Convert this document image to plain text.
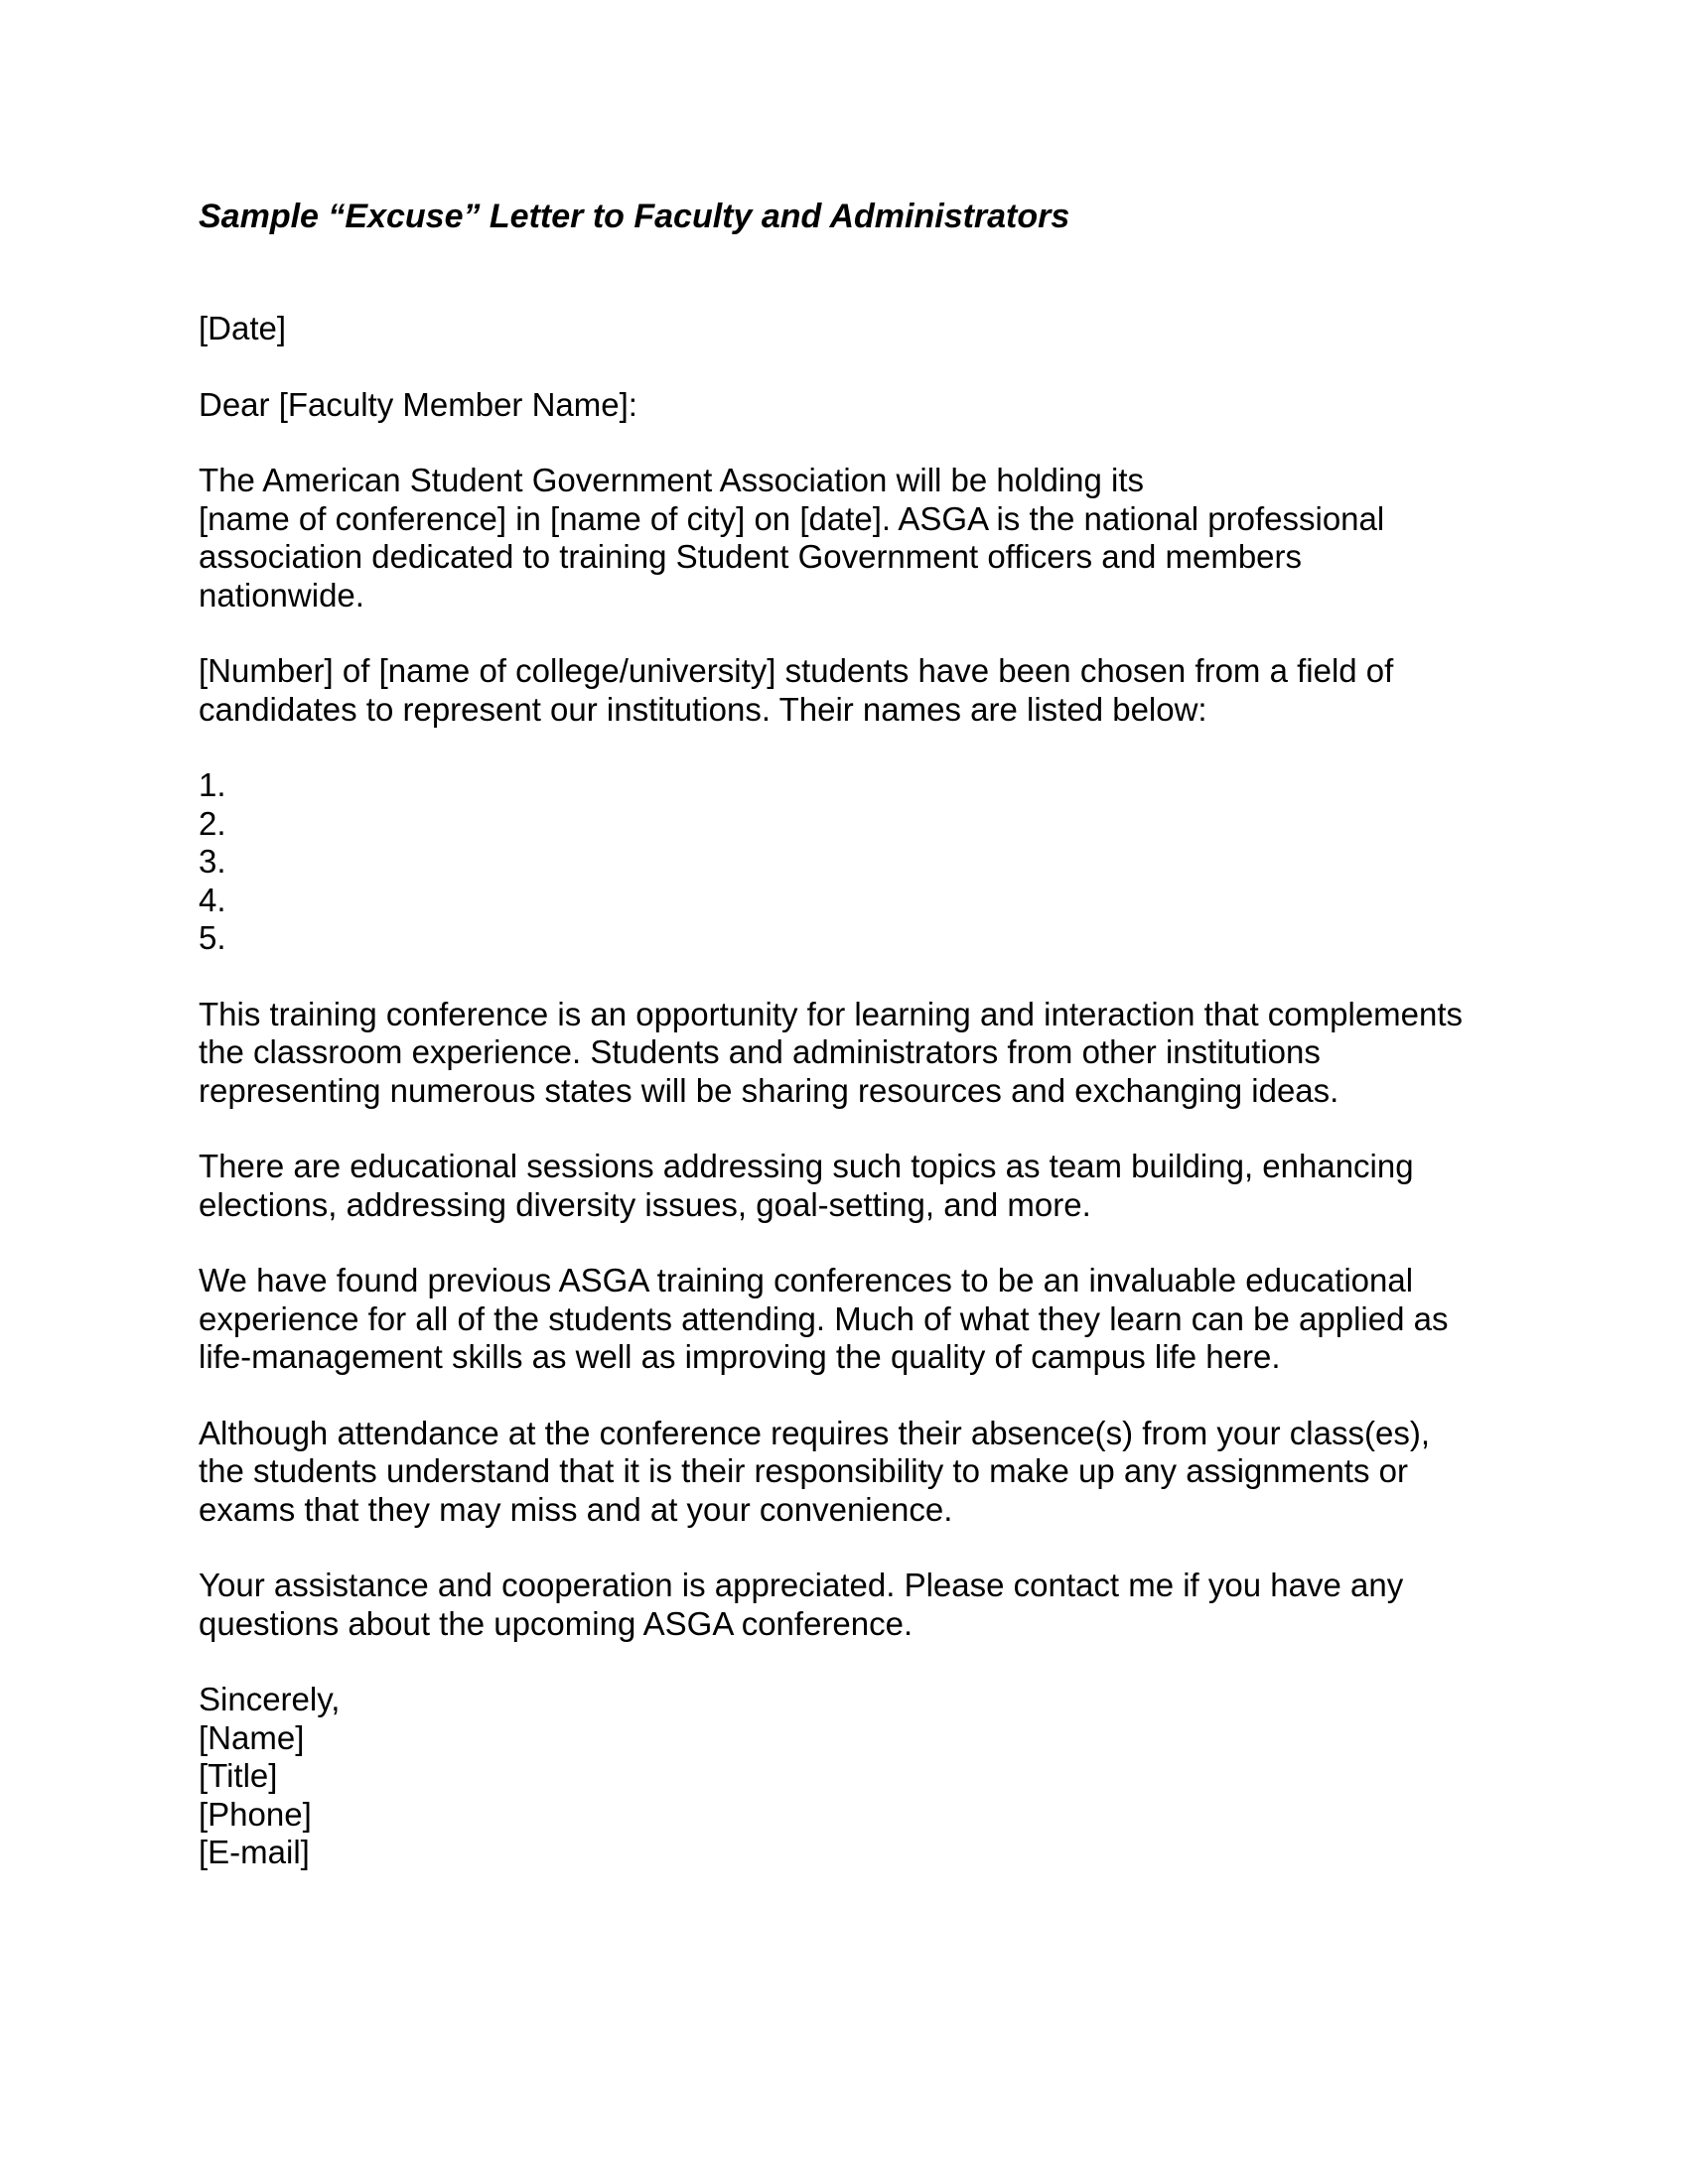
Sample “Excuse” Letter to Faculty and Administrators
[Date]
Dear [Faculty Member Name]:
The American Student Government Association will be holding its
[name of conference] in [name of city] on [date]. ASGA is the national professional
association dedicated to training Student Government officers and members
nationwide.
[Number] of [name of college/university] students have been chosen from a field of
candidates to represent our institutions. Their names are listed below:
1.
2.
3.
4.
5.
This training conference is an opportunity for learning and interaction that complements
the classroom experience. Students and administrators from other institutions
representing numerous states will be sharing resources and exchanging ideas.
There are educational sessions addressing such topics as team building, enhancing
elections, addressing diversity issues, goal-setting, and more.
We have found previous ASGA training conferences to be an invaluable educational
experience for all of the students attending. Much of what they learn can be applied as
life-management skills as well as improving the quality of campus life here.
Although attendance at the conference requires their absence(s) from your class(es),
the students understand that it is their responsibility to make up any assignments or
exams that they may miss and at your convenience.
Your assistance and cooperation is appreciated. Please contact me if you have any
questions about the upcoming ASGA conference.
Sincerely,
[Name]
[Title]
[Phone]
[E-mail]
